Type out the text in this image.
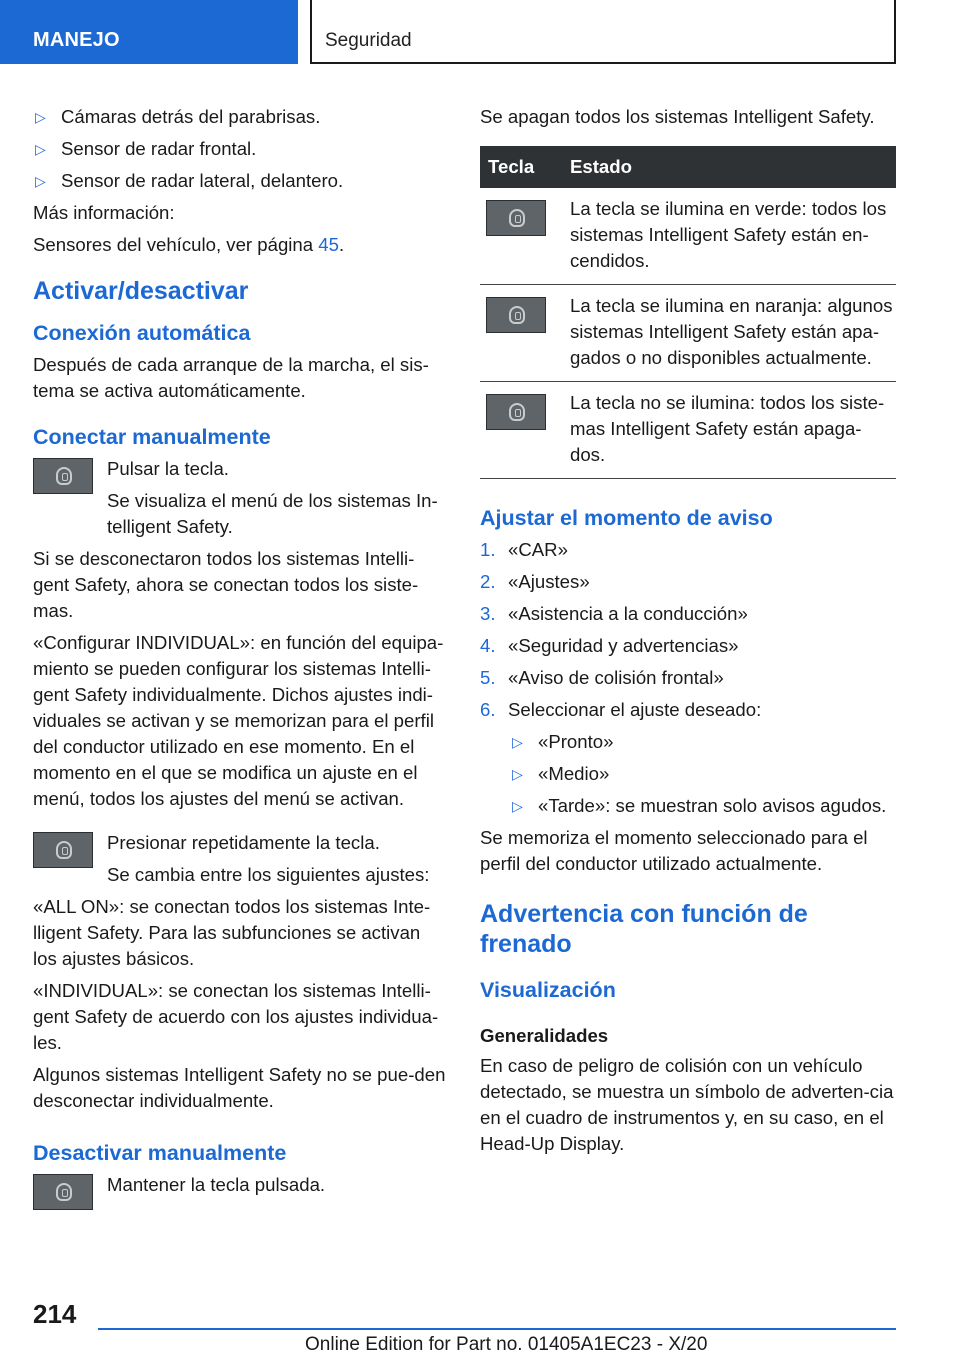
MANEJO	Seguridad
▷ Cámaras detrás del parabrisas.
▷ Sensor de radar frontal.
▷ Sensor de radar lateral, delantero.

Más información:

Sensores del vehículo, ver página 45.

Activar/desactivar
Conexión automática

Después de cada arranque de la marcha, el sis-tema se activa automáticamente.

Conectar manualmente

Pulsar la tecla.

Se visualiza el menú de los sistemas In-telligent Safety.

Si se desconectaron todos los sistemas Intelli-gent Safety, ahora se conectan todos los siste-mas.

«Configurar INDIVIDUAL»: en función del equipa-miento se pueden configurar los sistemas Intelli-gent Safety individualmente. Dichos ajustes indi-viduales se activan y se memorizan para el perfil del conductor utilizado en ese momento. En el momento en el que se modifica un ajuste en el menú, todos los ajustes del menú se activan.

Presionar repetidamente la tecla.

Se cambia entre los siguientes ajustes:

«ALL ON»: se conectan todos los sistemas Inte-lligent Safety. Para las subfunciones se activan los ajustes básicos.

«INDIVIDUAL»: se conectan los sistemas Intelli-gent Safety de acuerdo con los ajustes individua-les.

Algunos sistemas Intelligent Safety no se pue-den desconectar individualmente.

Desactivar manualmente

Mantener la tecla pulsada.

Se apagan todos los sistemas Intelligent Safety.

Tecla	Estado

	La tecla se ilumina en verde: todos los sistemas Intelligent Safety están en-cendidos.

	La tecla se ilumina en naranja: algunos sistemas Intelligent Safety están apa-gados o no disponibles actualmente.

	La tecla no se ilumina: todos los siste-mas Intelligent Safety están apaga-dos.
Ajustar el momento de aviso
1. «CAR»
2. «Ajustes»
3. «Asistencia a la conducción»
4. «Seguridad y advertencias»
5. «Aviso de colisión frontal»
6. Seleccionar el ajuste deseado:
▷ «Pronto»
▷ «Medio»
▷ «Tarde»: se muestran solo avisos agudos.

Se memoriza el momento seleccionado para el perfil del conductor utilizado actualmente.

Advertencia con función de frenado
Visualización
Generalidades

En caso de peligro de colisión con un vehículo detectado, se muestra un símbolo de adverten-cia en el cuadro de instrumentos y, en su caso, en el Head-Up Display.

214
Online Edition for Part no. 01405A1EC23 - X/20
